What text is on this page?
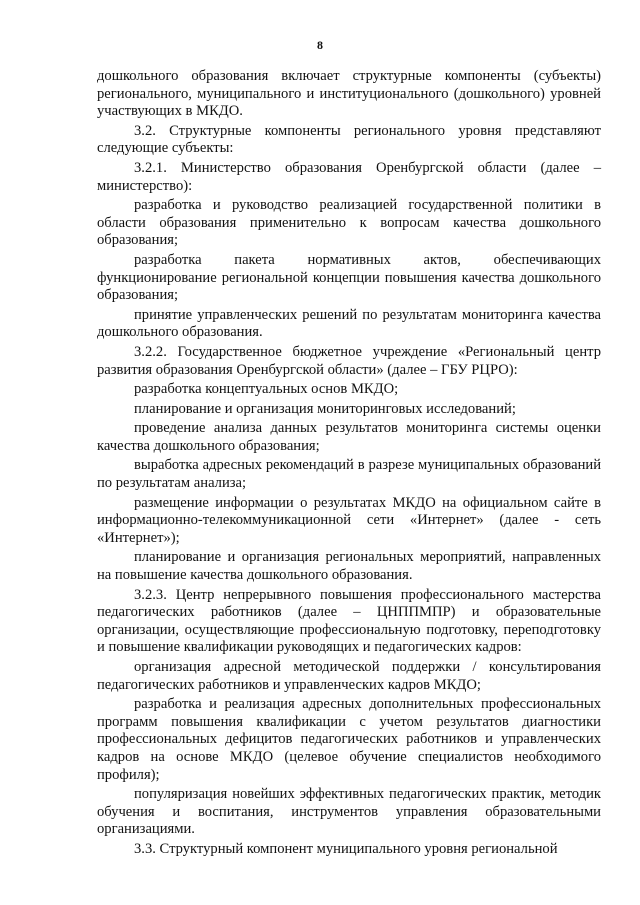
8

дошкольного образования включает структурные компоненты (субъекты) регионального, муниципального и институционального (дошкольного) уровней участвующих в МКДО.

3.2. Структурные компоненты регионального уровня представляют следующие субъекты:

3.2.1. Министерство образования Оренбургской области (далее – министерство):

разработка и руководство реализацией государственной политики в области образования применительно к вопросам качества дошкольного образования;

разработка пакета нормативных актов, обеспечивающих функционирование региональной концепции повышения качества дошкольного образования;

принятие управленческих решений по результатам мониторинга качества дошкольного образования.

3.2.2. Государственное бюджетное учреждение «Региональный центр развития образования Оренбургской области» (далее – ГБУ РЦРО):

разработка концептуальных основ МКДО;

планирование и организация мониторинговых исследований;

проведение анализа данных результатов мониторинга системы оценки качества дошкольного образования;

выработка адресных рекомендаций в разрезе муниципальных образований по результатам анализа;

размещение информации о результатах МКДО на официальном сайте в информационно-телекоммуникационной сети «Интернет» (далее - сеть «Интернет»);

планирование и организация региональных мероприятий, направленных на повышение качества дошкольного образования.

3.2.3. Центр непрерывного повышения профессионального мастерства педагогических работников (далее – ЦНППМПР) и образовательные организации, осуществляющие профессиональную подготовку, переподготовку и повышение квалификации руководящих и педагогических кадров:

организация адресной методической поддержки / консультирования педагогических работников и управленческих кадров МКДО;

разработка и реализация адресных дополнительных профессиональных программ повышения квалификации с учетом результатов диагностики профессиональных дефицитов педагогических работников и управленческих кадров на основе МКДО (целевое обучение специалистов необходимого профиля);

популяризация новейших эффективных педагогических практик, методик обучения и воспитания, инструментов управления образовательными организациями.

3.3. Структурный компонент муниципального уровня региональной
